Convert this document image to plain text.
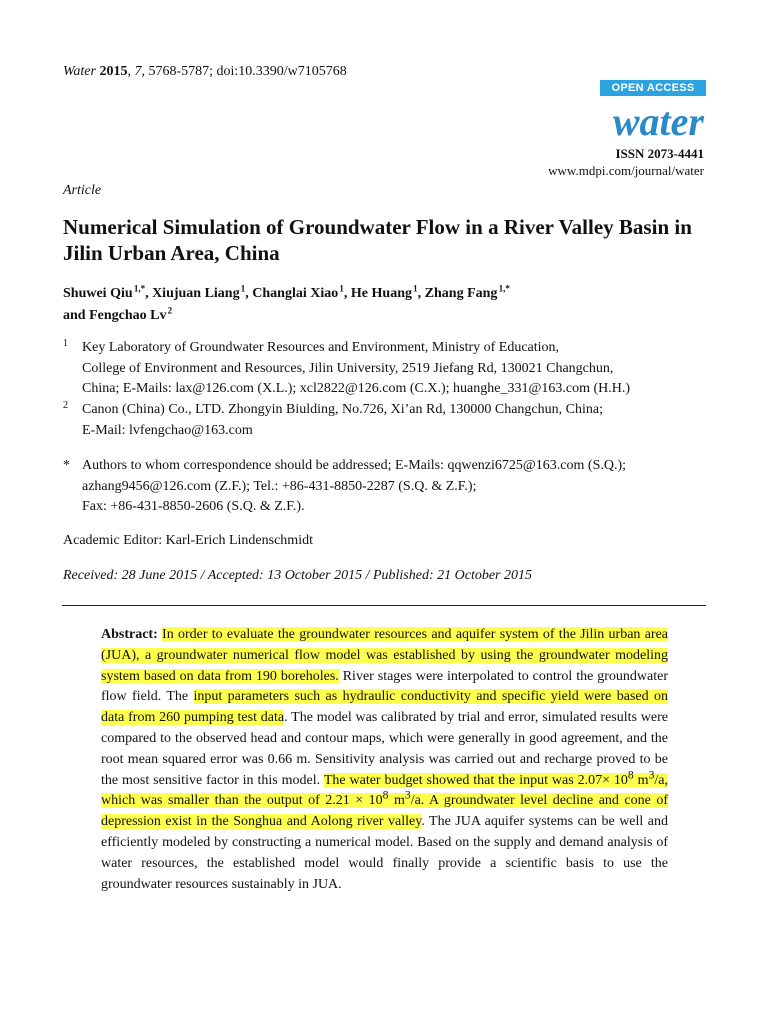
Water 2015, 7, 5768-5787; doi:10.3390/w7105768
OPEN ACCESS
water
ISSN 2073-4441
www.mdpi.com/journal/water
Article
Numerical Simulation of Groundwater Flow in a River Valley Basin in Jilin Urban Area, China
Shuwei Qiu $^{1,*}$, Xiujuan Liang $^1$, Changlai Xiao $^1$, He Huang $^1$, Zhang Fang $^{1,*}$
and Fengchao Lv $^2$
1 Key Laboratory of Groundwater Resources and Environment, Ministry of Education,
College of Environment and Resources, Jilin University, 2519 Jiefang Rd, 130021 Changchun,
China; E-Mails: lax@126.com (X.L.); xcl2822@126.com (C.X.); huanghe_331@163.com (H.H.)
2 Canon (China) Co., LTD. Zhongyin Biulding, No.726, Xi’an Rd, 130000 Changchun, China;
E-Mail: lvfengchao@163.com
* Authors to whom correspondence should be addressed; E-Mails: qqwenzi6725@163.com (S.Q.);
azhang9456@126.com (Z.F.); Tel.: +86-431-8850-2287 (S.Q. & Z.F.);
Fax: +86-431-8850-2606 (S.Q. & Z.F.).
Academic Editor: Karl-Erich Lindenschmidt
Received: 28 June 2015 / Accepted: 13 October 2015 / Published: 21 October 2015
Abstract: In order to evaluate the groundwater resources and aquifer system of the Jilin urban area (JUA), a groundwater numerical flow model was established by using the groundwater modeling system based on data from 190 boreholes. River stages were interpolated to control the groundwater flow field. The input parameters such as hydraulic conductivity and specific yield were based on data from 260 pumping test data. The model was calibrated by trial and error, simulated results were compared to the observed head and contour maps, which were generally in good agreement, and the root mean squared error was 0.66 m. Sensitivity analysis was carried out and recharge proved to be the most sensitive factor in this model. The water budget showed that the input was $2.07\times 10^8$ $m^3/a$, which was smaller than the output of $2.21 \times 10^8$ $m^3/a$. A groundwater level decline and cone of depression exist in the Songhua and Aolong river valley. The JUA aquifer systems can be well and efficiently modeled by constructing a numerical model. Based on the supply and demand analysis of water resources, the established model would finally provide a scientific basis to use the groundwater resources sustainably in JUA.
